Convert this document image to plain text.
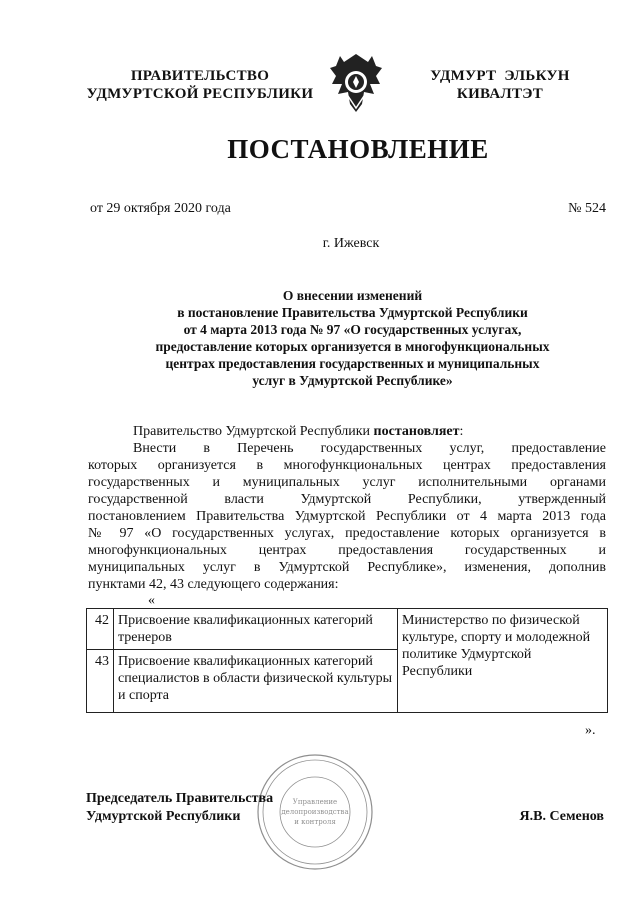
ПРАВИТЕЛЬСТВО
УДМУРТСКОЙ РЕСПУБЛИКИ
УДМУРТ ЭЛЬКУН
КИВАЛТЭТ
ПОСТАНОВЛЕНИЕ
от 29 октября 2020 года	№ 524
г. Ижевск
О внесении изменений
в постановление Правительства Удмуртской Республики
от 4 марта 2013 года № 97 «О государственных услугах,
предоставление которых организуется в многофункциональных
центрах предоставления государственных и муниципальных
услуг в Удмуртской Республике»
Правительство Удмуртской Республики постановляет:
Внести в Перечень государственных услуг, предоставление
которых организуется в многофункциональных центрах предоставления
государственных и муниципальных услуг исполнительными органами
государственной власти Удмуртской Республики, утвержденный
постановлением Правительства Удмуртской Республики от 4 марта 2013 года
№ 97 «О государственных услугах, предоставление которых организуется в
многофункциональных центрах предоставления государственных и
муниципальных услуг в Удмуртской Республике», изменения, дополнив
пунктами 42, 43 следующего содержания:
«
42	Присвоение квалификационных категорий тренеров	Министерство по физической культуре, спорту и молодежной политике Удмуртской Республики
43	Присвоение квалификационных категорий специалистов в области физической культуры и спорта	
».
Управление
делопроизводства
и контроля
Председатель Правительства
Удмуртской Республики	Я.В. Семенов
